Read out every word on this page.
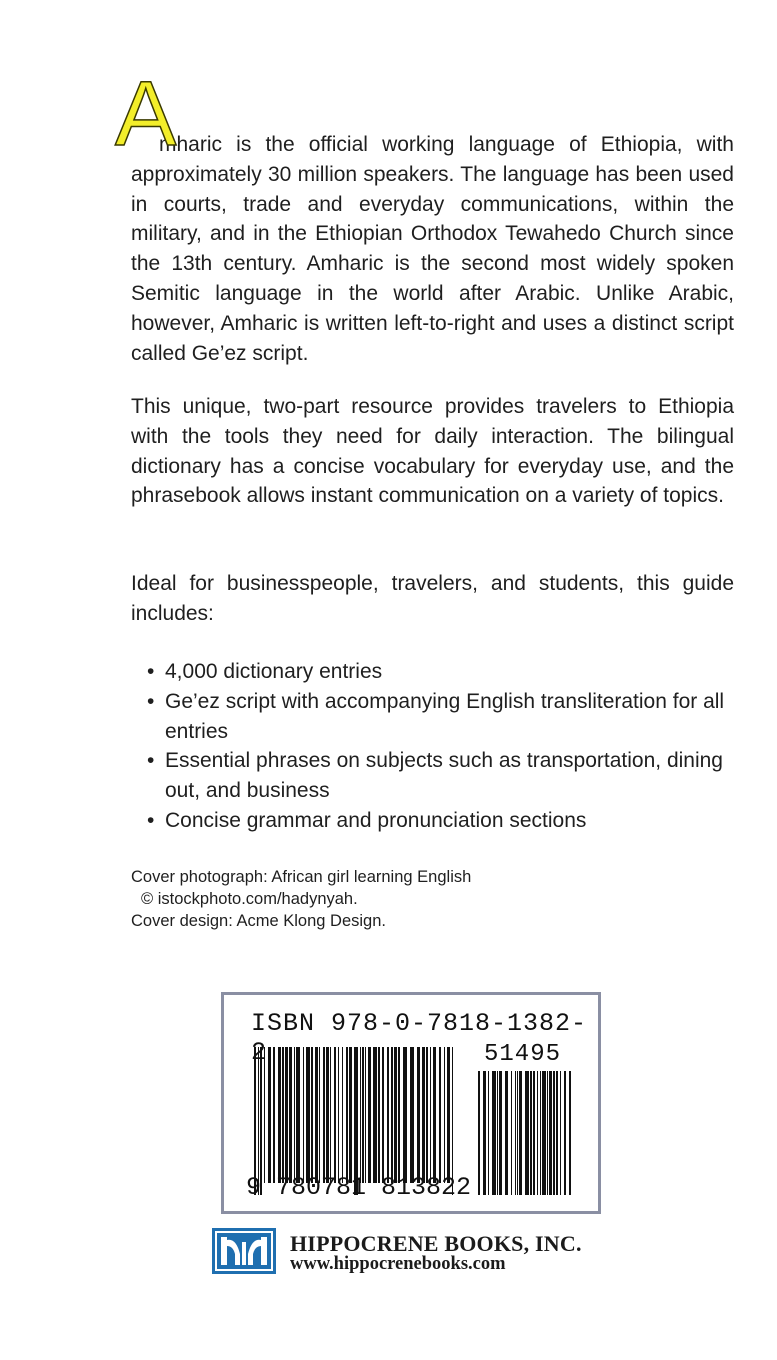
A

mharic is the official working language of Ethiopia, with approximately 30 million speakers. The language has been used in courts, trade and everyday communications, within the military, and in the Ethiopian Orthodox Tewahedo Church since the 13th century. Amharic is the second most widely spoken Semitic language in the world after Arabic. Unlike Arabic, however, Amharic is written left-to-right and uses a distinct script called Ge’ez script.

This unique, two-part resource provides travelers to Ethiopia with the tools they need for daily interaction. The bilingual dictionary has a concise vocabulary for everyday use, and the phrasebook allows instant communication on a variety of topics.

Ideal for businesspeople, travelers, and students, this guide includes:

• 4,000 dictionary entries
• Ge’ez script with accompanying English transliteration for all entries
• Essential phrases on subjects such as transportation, dining out, and business
• Concise grammar and pronunciation sections
Cover photograph: African girl learning English
© istockphoto.com/hadynyah.
Cover design: Acme Klong Design.
ISBN 978-0-7818-1382-2	51495
9 780781 813822
HIPPOCRENE BOOKS, INC.
www.hippocrenebooks.com
